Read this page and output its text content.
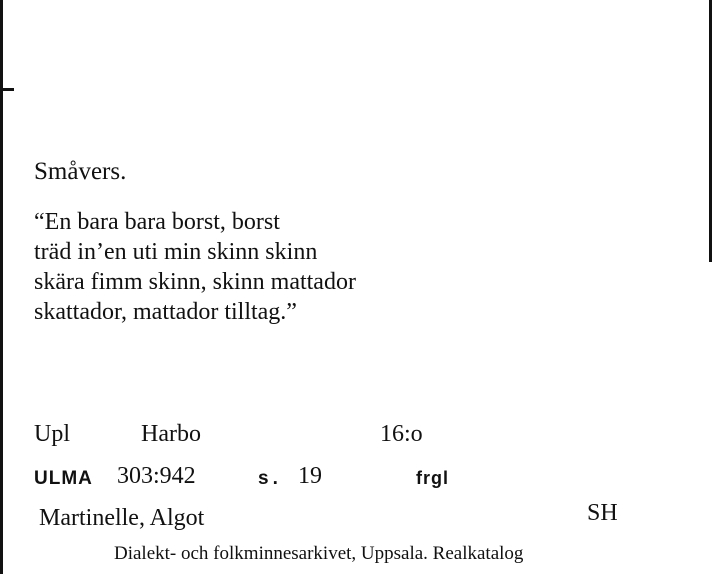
Småvers.
“En bara bara borst, borst
träd in’en uti min skinn skinn
skära fimm skinn, skinn mattador
skattador, mattador tilltag.”
Upl	Harbo	16:o
ULMA 303:942	s. 19	frgl
Martinelle, Algot	SH
Dialekt- och folkminnesarkivet, Uppsala. Realkatalog
